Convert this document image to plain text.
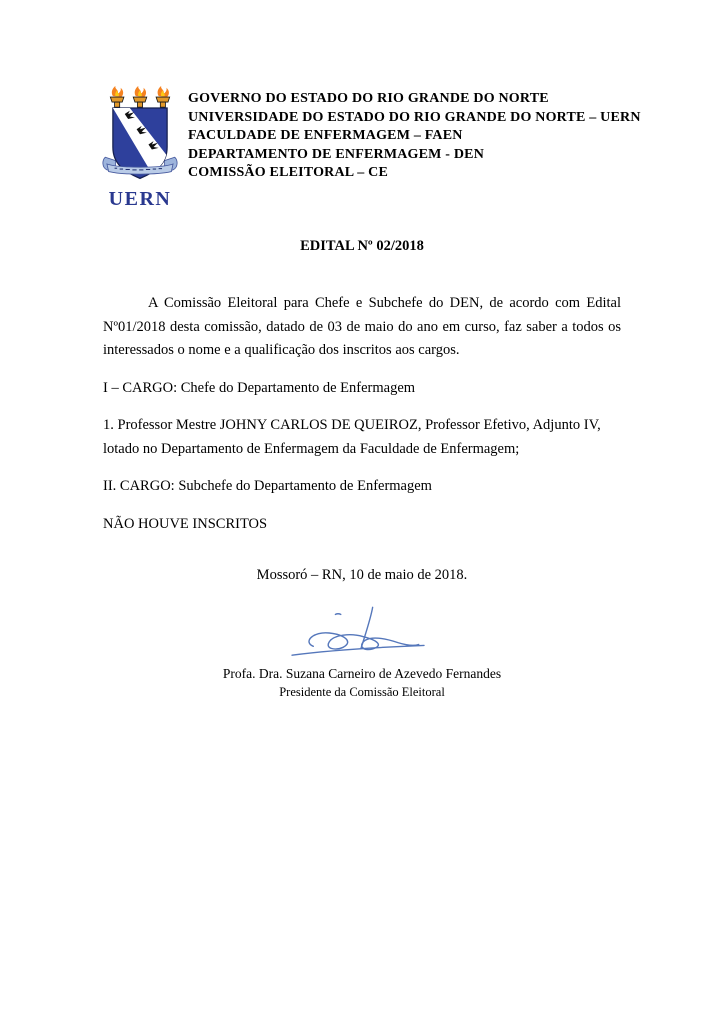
UERN
GOVERNO DO ESTADO DO RIO GRANDE DO NORTE
UNIVERSIDADE DO ESTADO DO RIO GRANDE DO NORTE – UERN
FACULDADE DE ENFERMAGEM – FAEN
DEPARTAMENTO DE ENFERMAGEM - DEN
COMISSÃO ELEITORAL – CE
EDITAL Nº 02/2018

A Comissão Eleitoral para Chefe e Subchefe do DEN, de acordo com Edital Nº01/2018 desta comissão, datado de 03 de maio do ano em curso, faz saber a todos os interessados o nome e a qualificação dos inscritos aos cargos.

I – CARGO: Chefe do Departamento de Enfermagem

1. Professor Mestre JOHNY CARLOS DE QUEIROZ, Professor Efetivo, Adjunto IV, lotado no Departamento de Enfermagem da Faculdade de Enfermagem;

II. CARGO: Subchefe do Departamento de Enfermagem

NÃO HOUVE INSCRITOS

Mossoró – RN, 10 de maio de 2018.

Profa. Dra. Suzana Carneiro de Azevedo Fernandes
Presidente da Comissão Eleitoral
